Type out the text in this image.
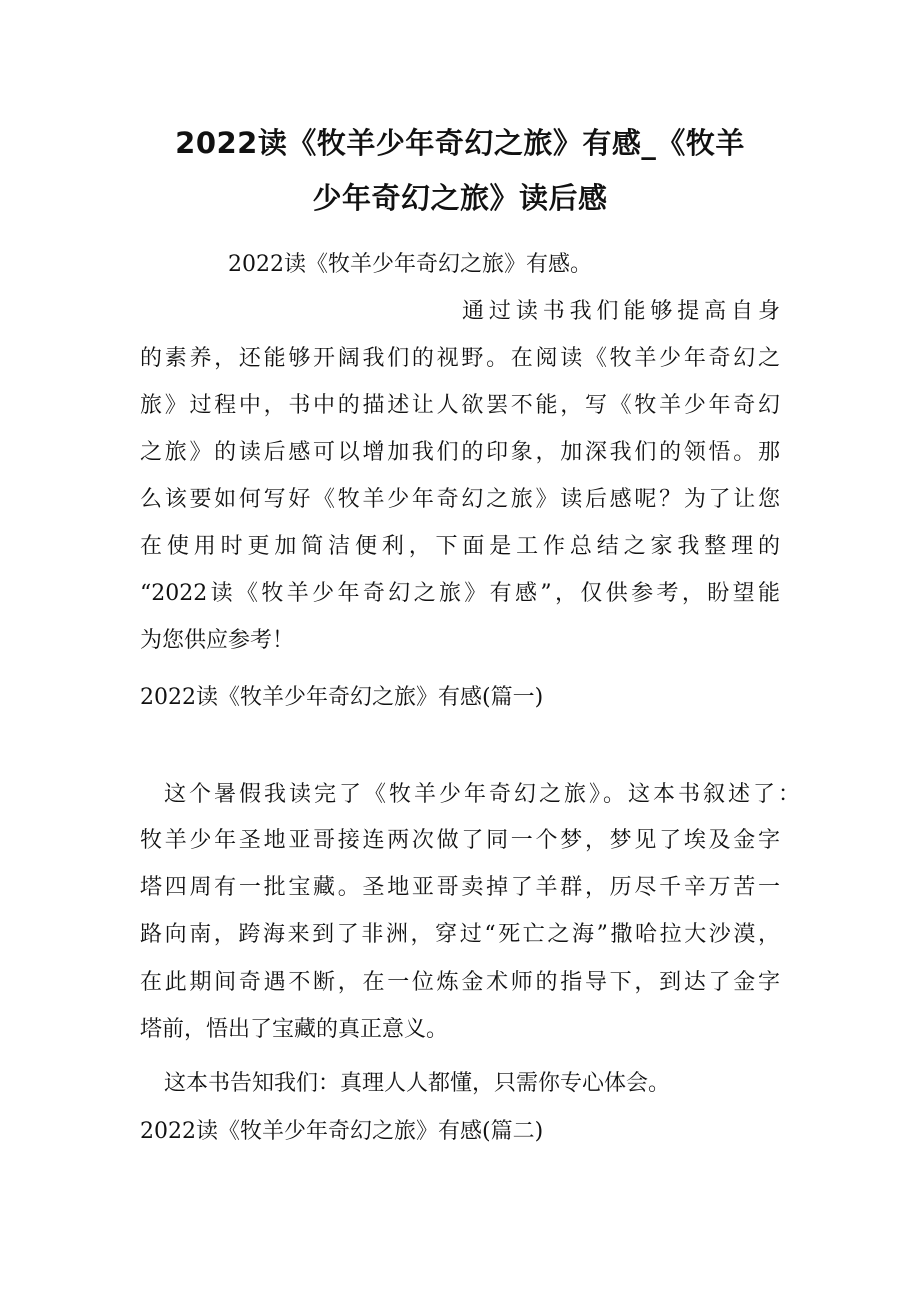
2022读《牧羊少年奇幻之旅》有感_《牧羊
少年奇幻之旅》读后感
2022读《牧羊少年奇幻之旅》有感。
通过读书我们能够提高自身
的素养，还能够开阔我们的视野。在阅读《牧羊少年奇幻之
旅》过程中，书中的描述让人欲罢不能，写《牧羊少年奇幻
之旅》的读后感可以增加我们的印象，加深我们的领悟。那
么该要如何写好《牧羊少年奇幻之旅》读后感呢？为了让您
在使用时更加简洁便利，下面是工作总结之家我整理的
“2022读《牧羊少年奇幻之旅》有感”，仅供参考，盼望能
为您供应参考！
2022读《牧羊少年奇幻之旅》有感(篇一)
这个暑假我读完了《牧羊少年奇幻之旅》。这本书叙述了：
牧羊少年圣地亚哥接连两次做了同一个梦，梦见了埃及金字
塔四周有一批宝藏。圣地亚哥卖掉了羊群，历尽千辛万苦一
路向南，跨海来到了非洲，穿过“死亡之海”撒哈拉大沙漠，
在此期间奇遇不断，在一位炼金术师的指导下，到达了金字
塔前，悟出了宝藏的真正意义。
这本书告知我们：真理人人都懂，只需你专心体会。
2022读《牧羊少年奇幻之旅》有感(篇二)
